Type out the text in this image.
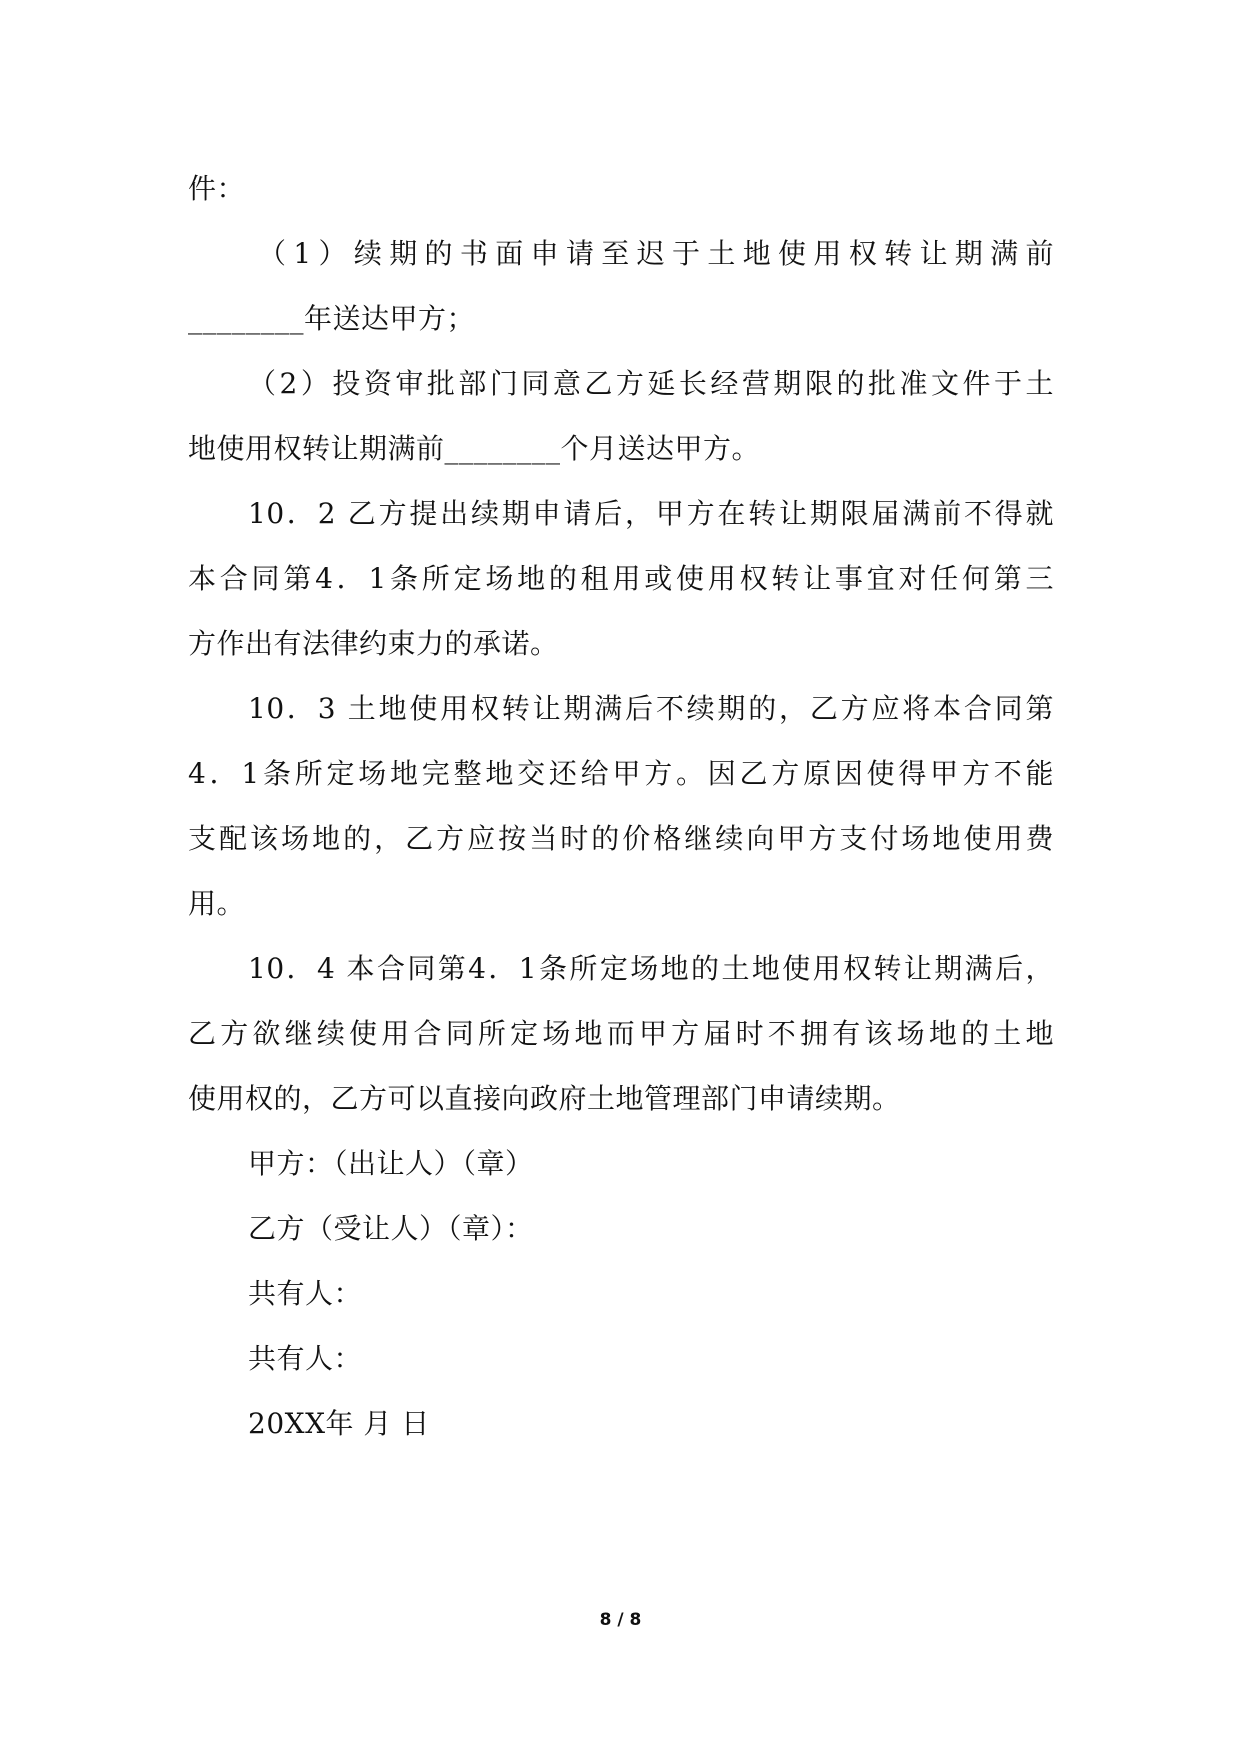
件：
（1）续期的书面申请至迟于土地使用权转让期满前
________年送达甲方；
（2）投资审批部门同意乙方延长经营期限的批准文件于土
地使用权转让期满前________个月送达甲方。
10．2 乙方提出续期申请后，甲方在转让期限届满前不得就
本合同第4．1条所定场地的租用或使用权转让事宜对任何第三
方作出有法律约束力的承诺。
10．3 土地使用权转让期满后不续期的，乙方应将本合同第
4．1条所定场地完整地交还给甲方。因乙方原因使得甲方不能
支配该场地的，乙方应按当时的价格继续向甲方支付场地使用费
用。
10．4 本合同第4．1条所定场地的土地使用权转让期满后，
乙方欲继续使用合同所定场地而甲方届时不拥有该场地的土地
使用权的，乙方可以直接向政府土地管理部门申请续期。
甲方：（出让人）（章）
乙方（受让人）（章）：
共有人：
共有人：
20XX年 月 日
8 / 8
